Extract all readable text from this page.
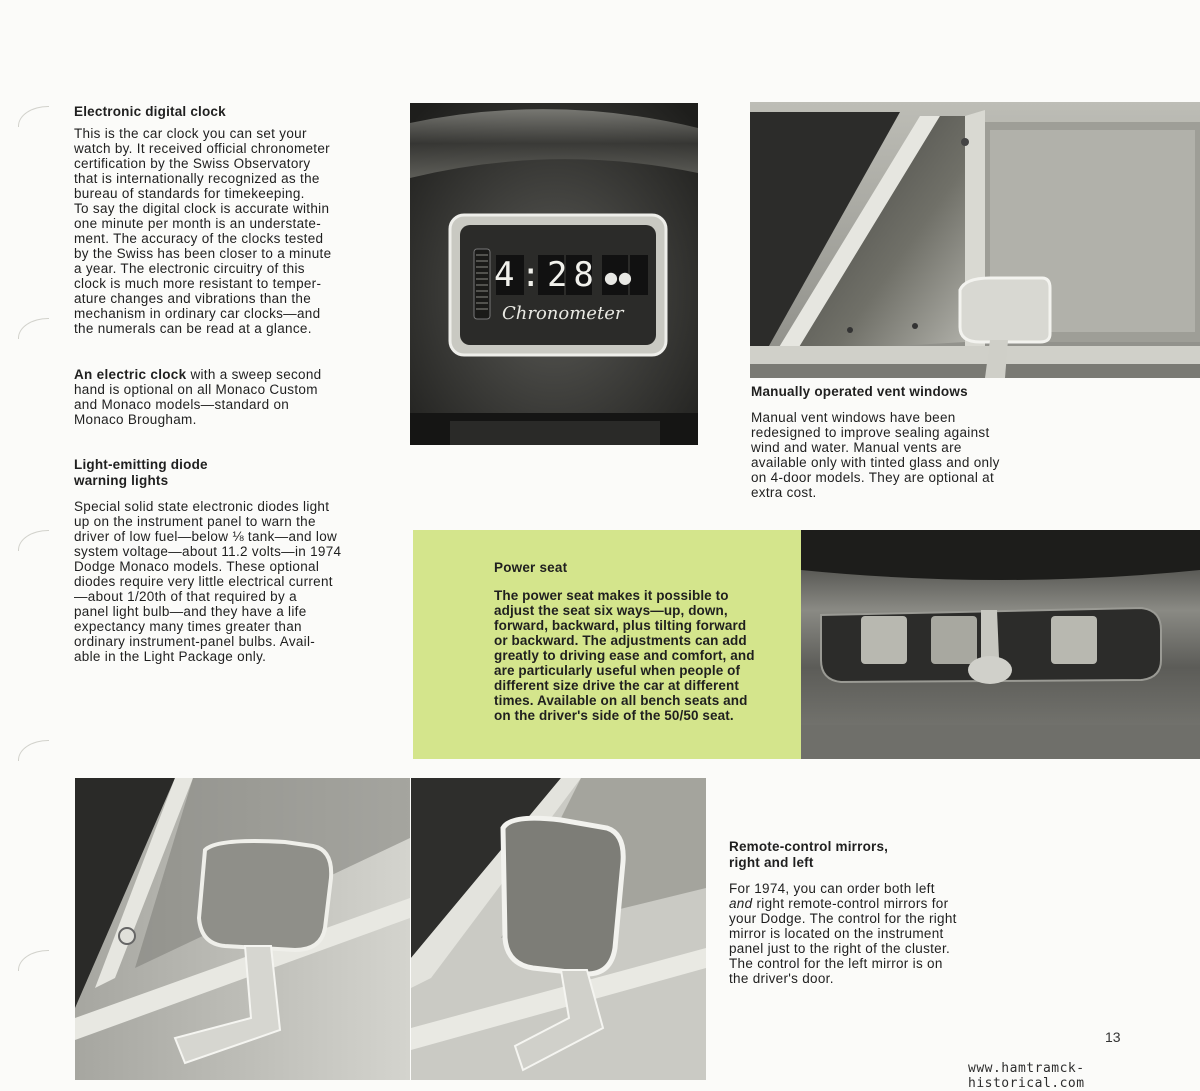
Electronic digital clock

This is the car clock you can set your
watch by. It received official chronometer
certification by the Swiss Observatory
that is internationally recognized as the
bureau of standards for timekeeping.
To say the digital clock is accurate within
one minute per month is an understate-
ment. The accuracy of the clocks tested
by the Swiss has been closer to a minute
a year. The electronic circuitry of this
clock is much more resistant to temper-
ature changes and vibrations than the
mechanism in ordinary car clocks—and
the numerals can be read at a glance.

An electric clock with a sweep second
hand is optional on all Monaco Custom
and Monaco models—standard on
Monaco Brougham.

Light-emitting diode
warning lights

Special solid state electronic diodes light
up on the instrument panel to warn the
driver of low fuel—below ⅛ tank—and low
system voltage—about 11.2 volts—in 1974
Dodge Monaco models. These optional
diodes require very little electrical current
—about 1/20th of that required by a
panel light bulb—and they have a life
expectancy many times greater than
ordinary instrument-panel bulbs. Avail-
able in the Light Package only.

●●
4:28
Chronometer

Manually operated vent windows

Manual vent windows have been
redesigned to improve sealing against
wind and water. Manual vents are
available only with tinted glass and only
on 4-door models. They are optional at
extra cost.

Power seat

The power seat makes it possible to
adjust the seat six ways—up, down,
forward, backward, plus tilting forward
or backward. The adjustments can add
greatly to driving ease and comfort, and
are particularly useful when people of
different size drive the car at different
times. Available on all bench seats and
on the driver's side of the 50/50 seat.

Remote-control mirrors,
right and left

For 1974, you can order both left
and right remote-control mirrors for
your Dodge. The control for the right
mirror is located on the instrument
panel just to the right of the cluster.
The control for the left mirror is on
the driver's door.

13
www.hamtramck-historical.com
